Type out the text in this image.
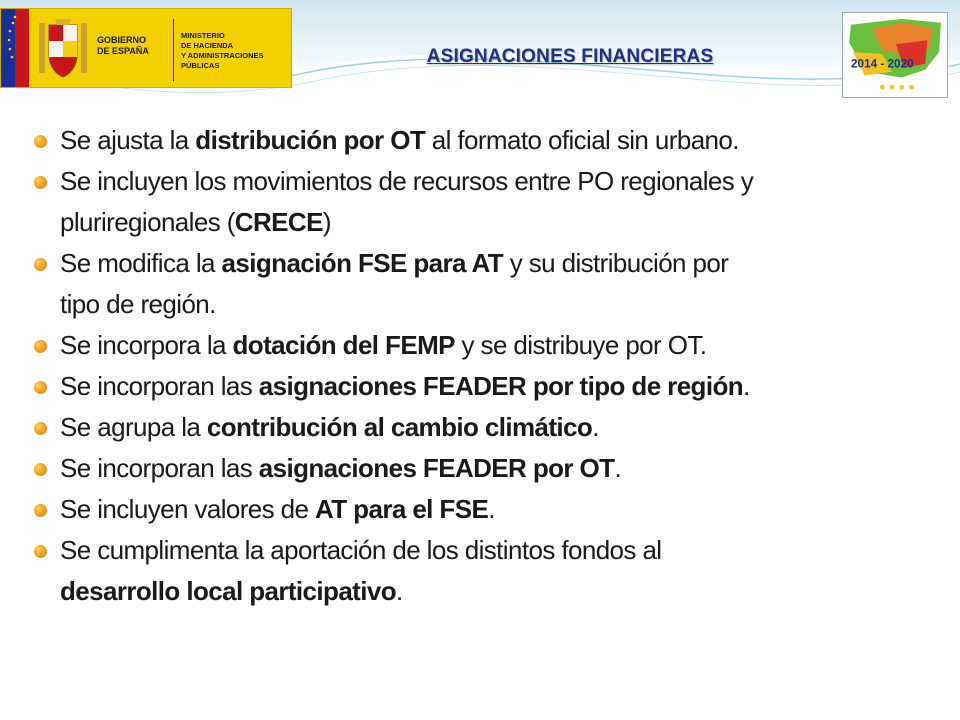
GOBIERNO
DE ESPAÑA
MINISTERIO
DE HACIENDA
Y ADMINISTRACIONES
PÚBLICAS	ASIGNACIONES FINANCIERAS	2014 - 2020
Se ajusta la distribución por OT al formato oficial sin urbano.
Se incluyen los movimientos de recursos entre PO regionales y
pluriregionales (CRECE)
Se modifica la asignación FSE para AT y su distribución por
tipo de región.
Se incorpora la dotación del FEMP y se distribuye por OT.
Se incorporan las asignaciones FEADER por tipo de región.
Se agrupa la contribución al cambio climático.
Se incorporan las asignaciones FEADER por OT.
Se incluyen valores de AT para el FSE.
Se cumplimenta la aportación de los distintos fondos al
desarrollo local participativo.
